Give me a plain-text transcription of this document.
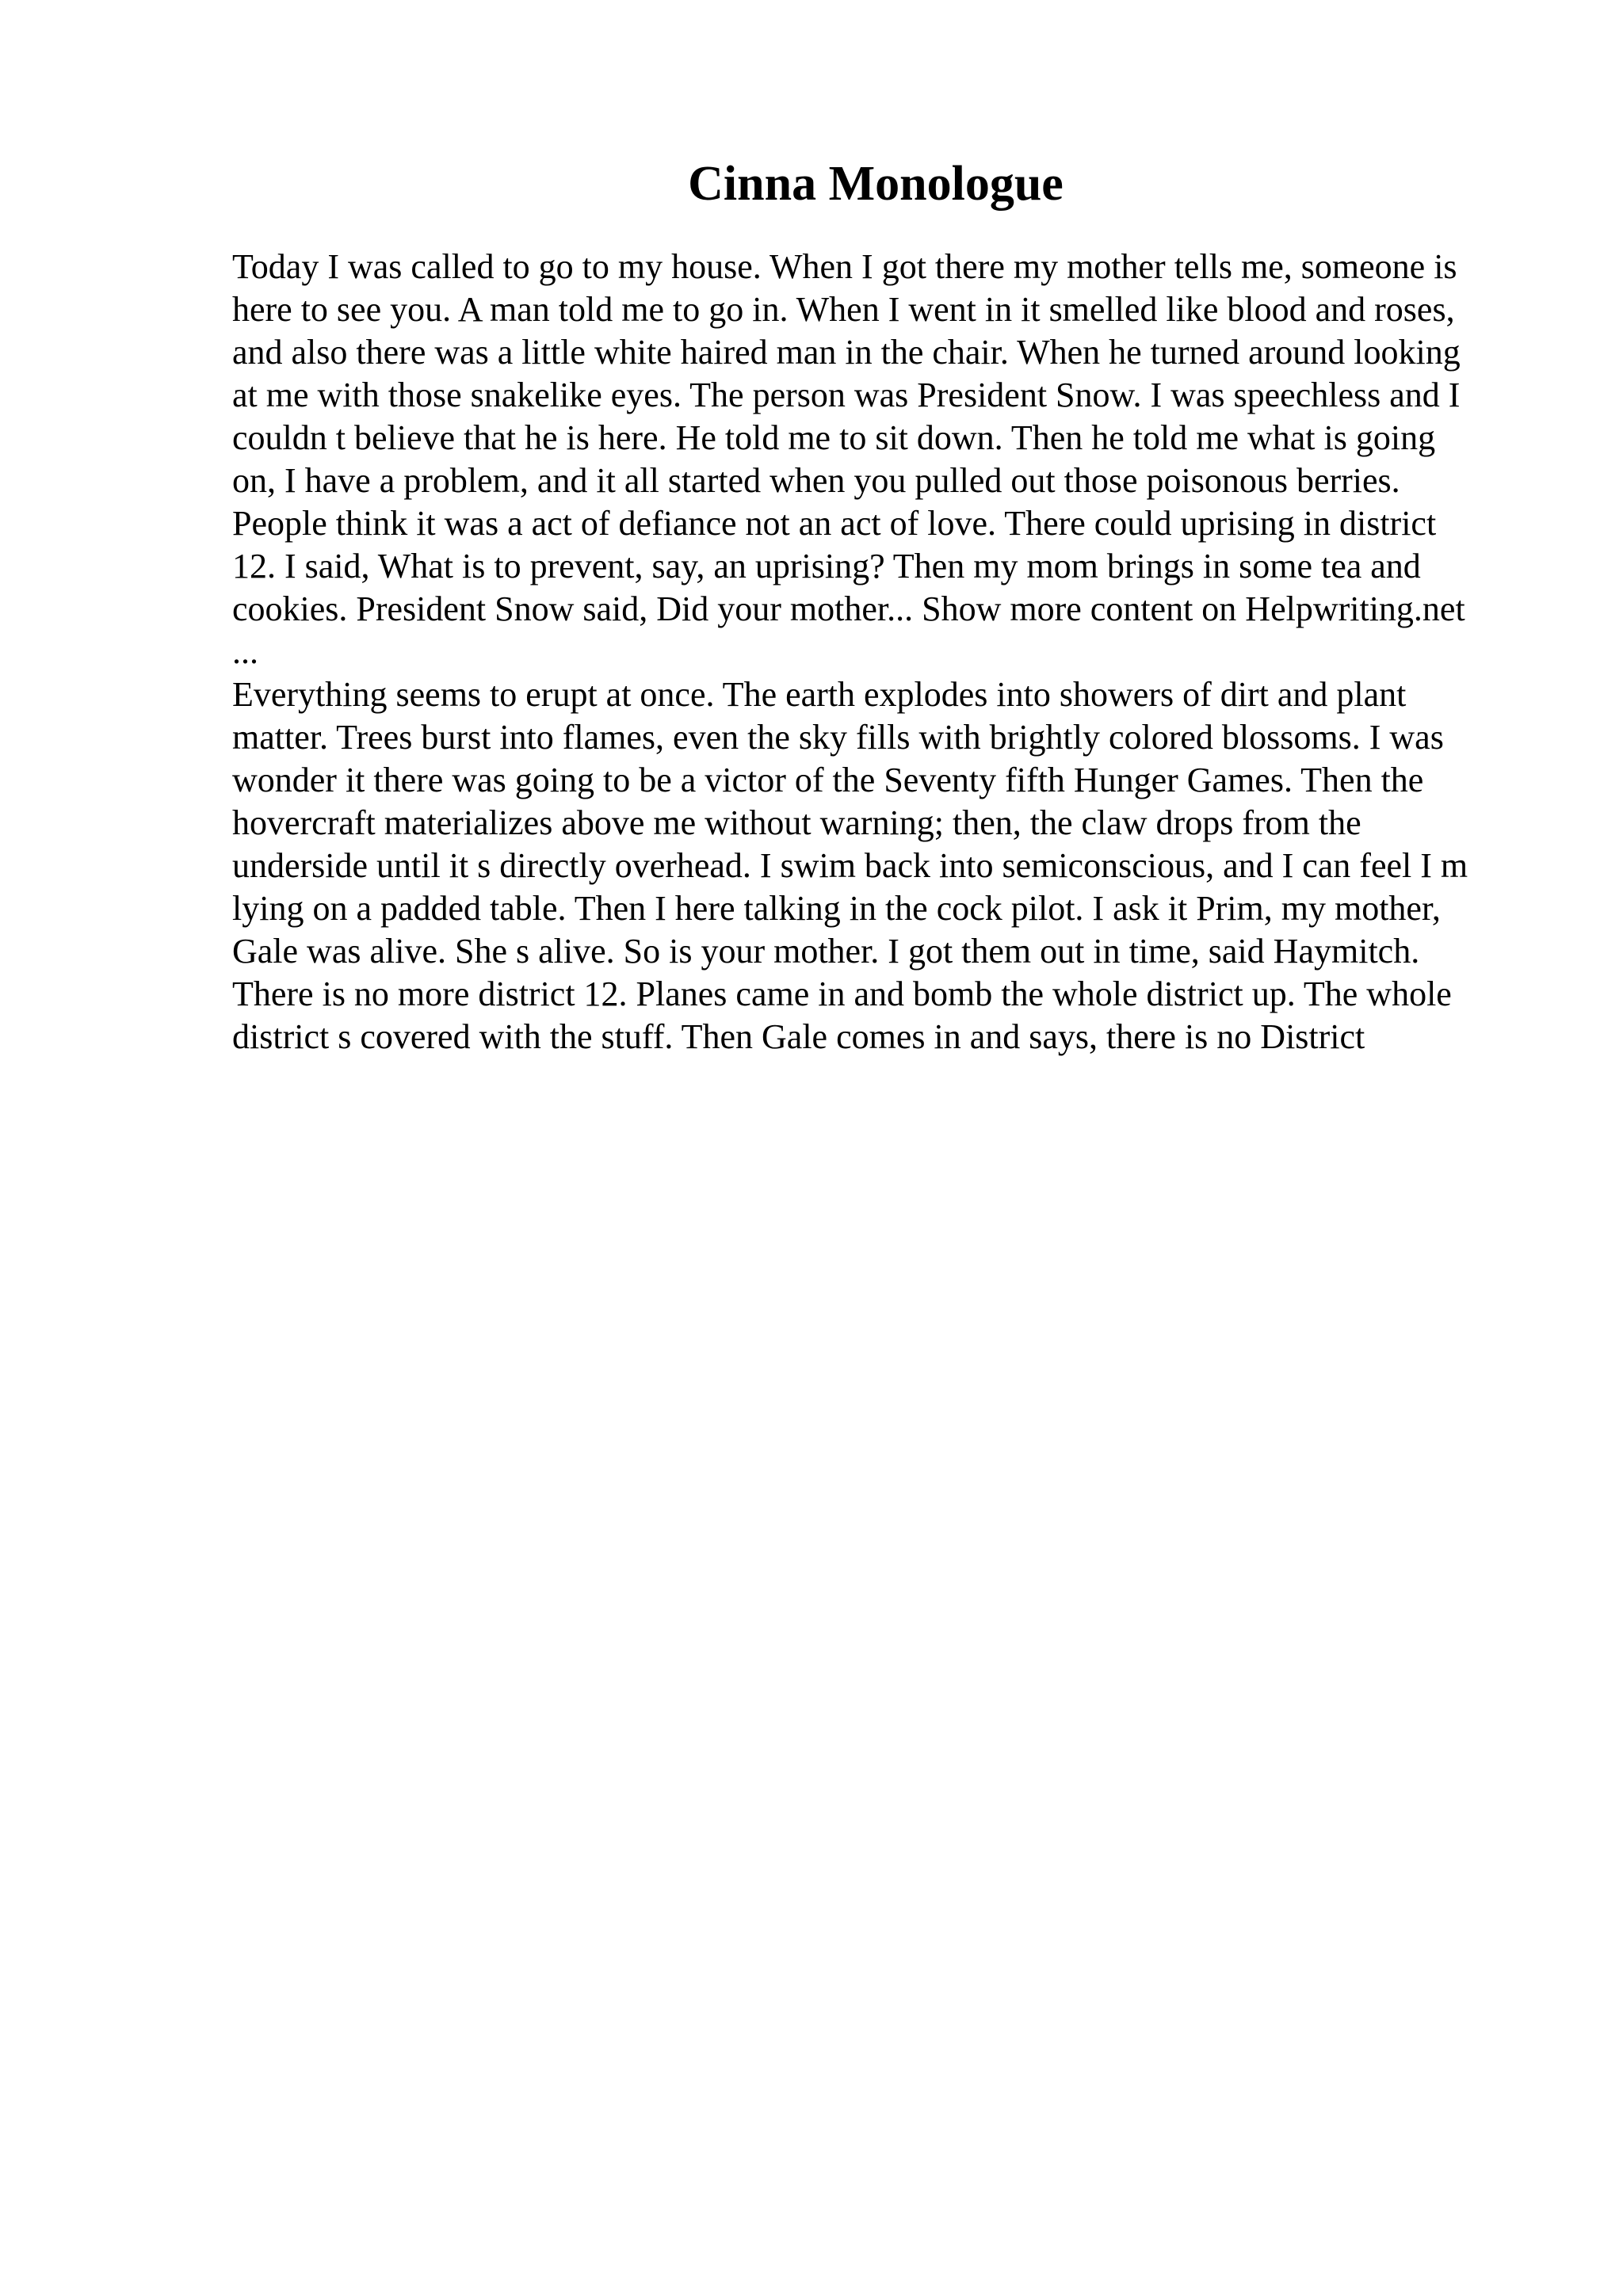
Cinna Monologue

Today I was called to go to my house. When I got there my mother tells me, someone is here to see you. A man told me to go in. When I went in it smelled like blood and roses, and also there was a little white haired man in the chair. When he turned around looking at me with those snakelike eyes. The person was President Snow. I was speechless and I couldn t believe that he is here. He told me to sit down. Then he told me what is going on, I have a problem, and it all started when you pulled out those poisonous berries. People think it was a act of defiance not an act of love. There could uprising in district 12. I said, What is to prevent, say, an uprising? Then my mom brings in some tea and cookies. President Snow said, Did your mother... Show more content on Helpwriting.net ...

Everything seems to erupt at once. The earth explodes into showers of dirt and plant matter. Trees burst into flames, even the sky fills with brightly colored blossoms. I was wonder it there was going to be a victor of the Seventy fifth Hunger Games. Then the hovercraft materializes above me without warning; then, the claw drops from the underside until it s directly overhead. I swim back into semiconscious, and I can feel I m lying on a padded table. Then I here talking in the cock pilot. I ask it Prim, my mother, Gale was alive. She s alive. So is your mother. I got them out in time, said Haymitch. There is no more district 12. Planes came in and bomb the whole district up. The whole district s covered with the stuff. Then Gale comes in and says, there is no District
